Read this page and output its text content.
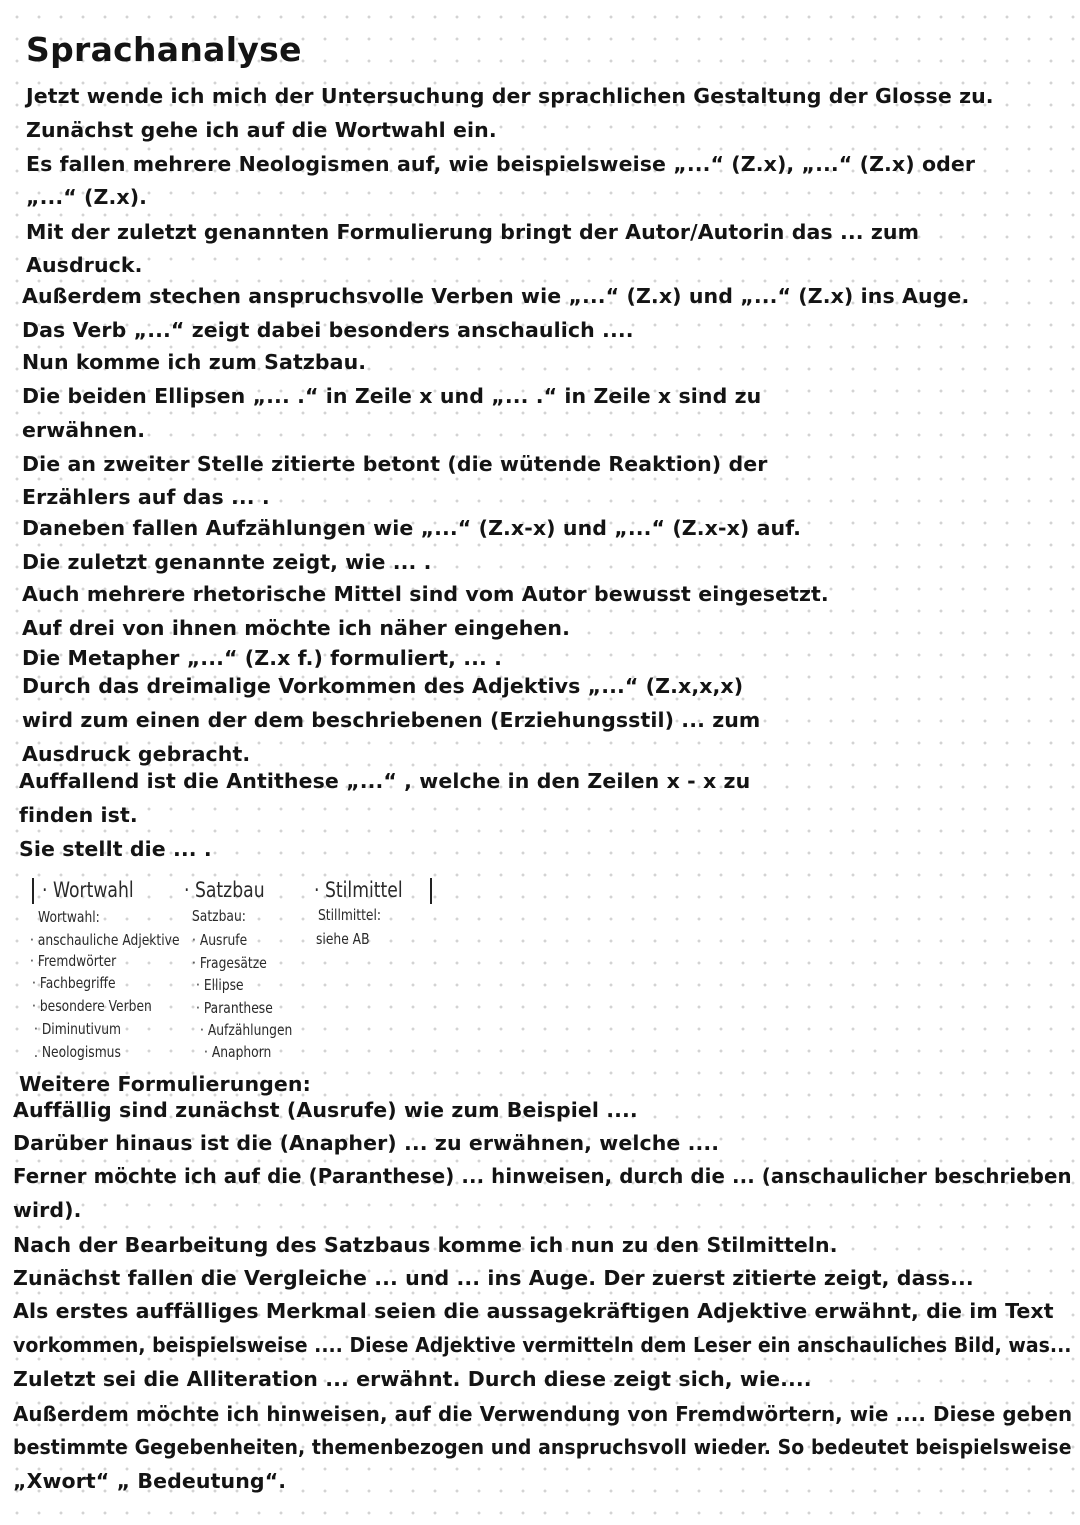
Sprachanalyse
Jetzt wende ich mich der Untersuchung der sprachlichen Gestaltung der Glosse zu.
Zunächst gehe ich auf die Wortwahl ein.
Es fallen mehrere Neologismen auf, wie beispielsweise „...“ (Z.x), „...“ (Z.x) oder
„...“ (Z.x).
Mit der zuletzt genannten Formulierung bringt der Autor/Autorin das ... zum
Ausdruck.
Außerdem stechen anspruchsvolle Verben wie „...“ (Z.x) und „...“ (Z.x) ins Auge.
Das Verb „...“ zeigt dabei besonders anschaulich ....
Nun komme ich zum Satzbau.
Die beiden Ellipsen „... .“ in Zeile x und „... .“ in Zeile x sind zu
erwähnen.
Die an zweiter Stelle zitierte betont (die wütende Reaktion) der
Erzählers auf das ... .
Daneben fallen Aufzählungen wie „...“ (Z.x-x) und „...“ (Z.x-x) auf.
Die zuletzt genannte zeigt, wie ... .
Auch mehrere rhetorische Mittel sind vom Autor bewusst eingesetzt.
Auf drei von ihnen möchte ich näher eingehen.
Die Metapher „...“ (Z.x f.) formuliert, ... .
Durch das dreimalige Vorkommen des Adjektivs „...“ (Z.x,x,x)
wird zum einen der dem beschriebenen (Erziehungsstil) ... zum
Ausdruck gebracht.
Auffallend ist die Antithese „...“ , welche in den Zeilen x - x zu
finden ist.
Sie stellt die ... .
· Wortwahl · Satzbau · Stilmittel
Wortwahl:	Satzbau:	Stillmittel:
· anschauliche Adjektive
· Fremdwörter
· Fachbegriffe
· besondere Verben
· Diminutivum
. Neologismus
· Ausrufe
· Fragesätze
· Ellipse
· Paranthese
· Aufzählungen
· Anaphorn
siehe AB
Weitere Formulierungen:
Auffällig sind zunächst (Ausrufe) wie zum Beispiel ....
Darüber hinaus ist die (Anapher) ... zu erwähnen, welche ....
Ferner möchte ich auf die (Paranthese) ... hinweisen, durch die ... (anschaulicher beschrieben
wird).
Nach der Bearbeitung des Satzbaus komme ich nun zu den Stilmitteln.
Zunächst fallen die Vergleiche ... und ... ins Auge. Der zuerst zitierte zeigt, dass...
Als erstes auffälliges Merkmal seien die aussagekräftigen Adjektive erwähnt, die im Text
vorkommen, beispielsweise .... Diese Adjektive vermitteln dem Leser ein anschauliches Bild, was...
Zuletzt sei die Alliteration ... erwähnt. Durch diese zeigt sich, wie....
Außerdem möchte ich hinweisen, auf die Verwendung von Fremdwörtern, wie .... Diese geben
bestimmte Gegebenheiten, themenbezogen und anspruchsvoll wieder. So bedeutet beispielsweise
„Xwort“ „ Bedeutung“.
